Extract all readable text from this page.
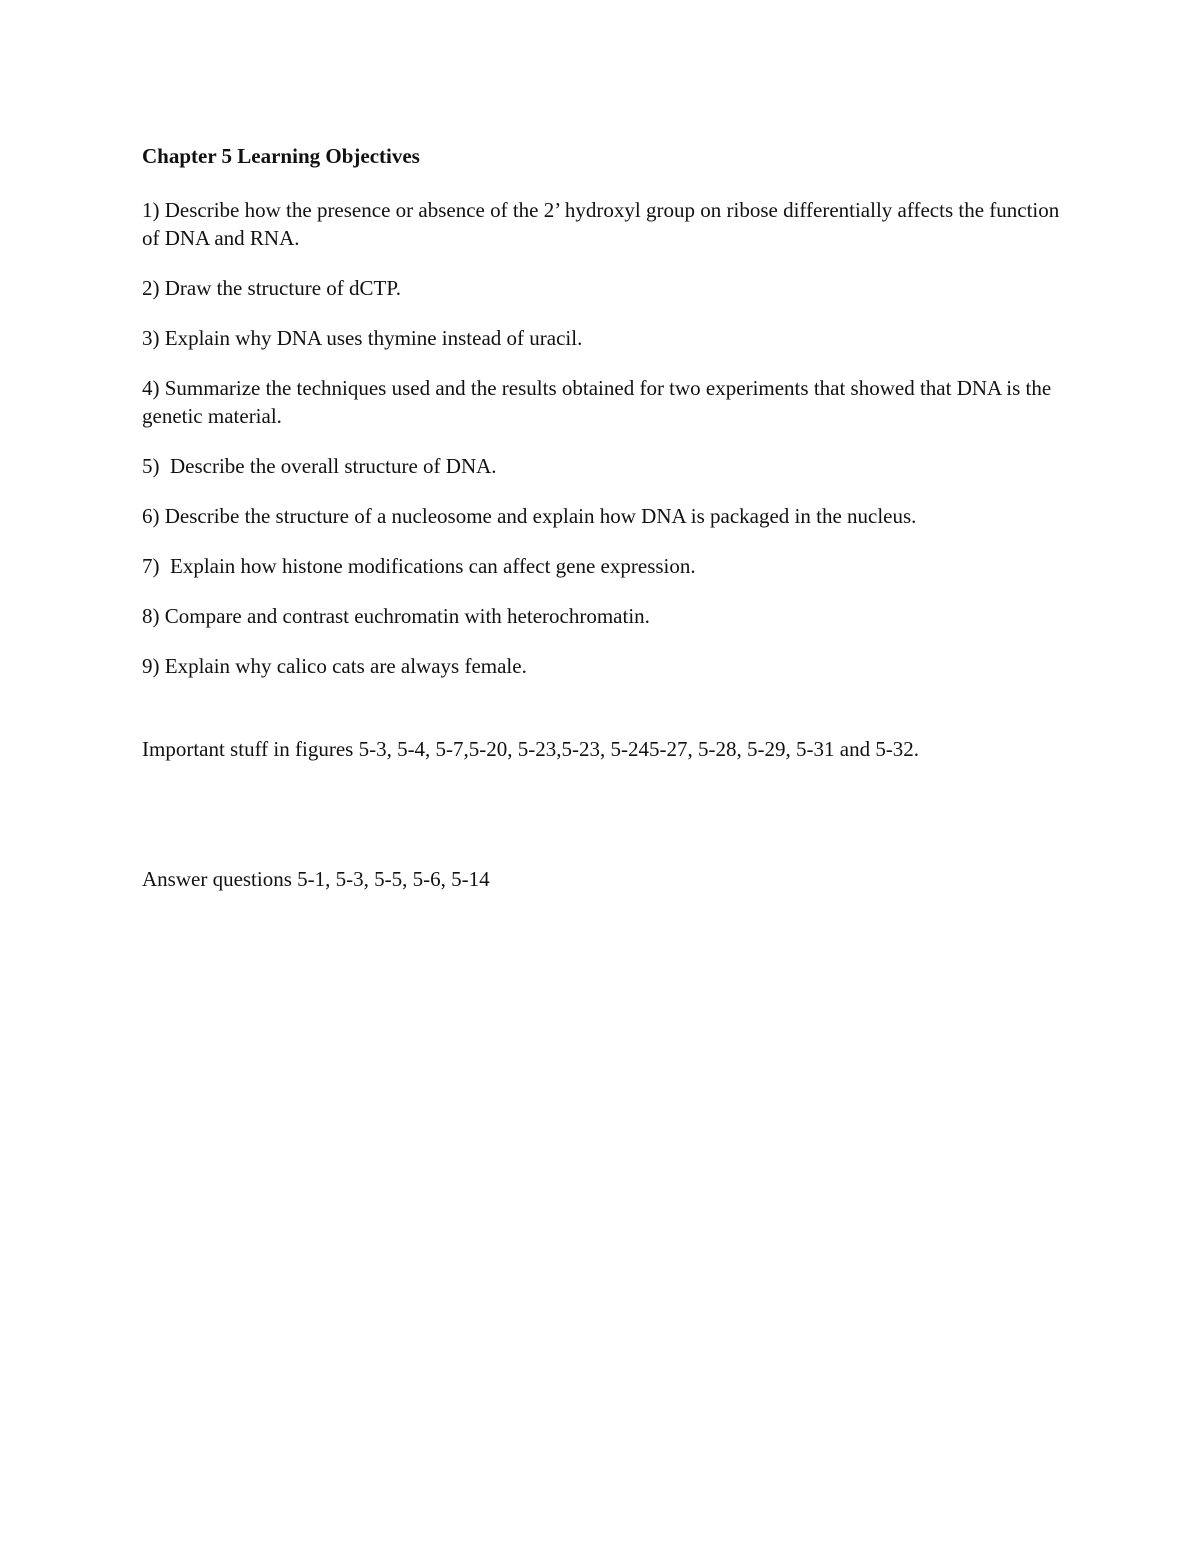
Chapter 5 Learning Objectives
1) Describe how the presence or absence of the 2’ hydroxyl group on ribose differentially affects the function of DNA and RNA.
2) Draw the structure of dCTP.
3) Explain why DNA uses thymine instead of uracil.
4) Summarize the techniques used and the results obtained for two experiments that showed that DNA is the genetic material.
5)  Describe the overall structure of DNA.
6) Describe the structure of a nucleosome and explain how DNA is packaged in the nucleus.
7)  Explain how histone modifications can affect gene expression.
8) Compare and contrast euchromatin with heterochromatin.
9) Explain why calico cats are always female.
Important stuff in figures 5-3, 5-4, 5-7,5-20, 5-23,5-23, 5-245-27, 5-28, 5-29, 5-31 and 5-32.
Answer questions 5-1, 5-3, 5-5, 5-6, 5-14
